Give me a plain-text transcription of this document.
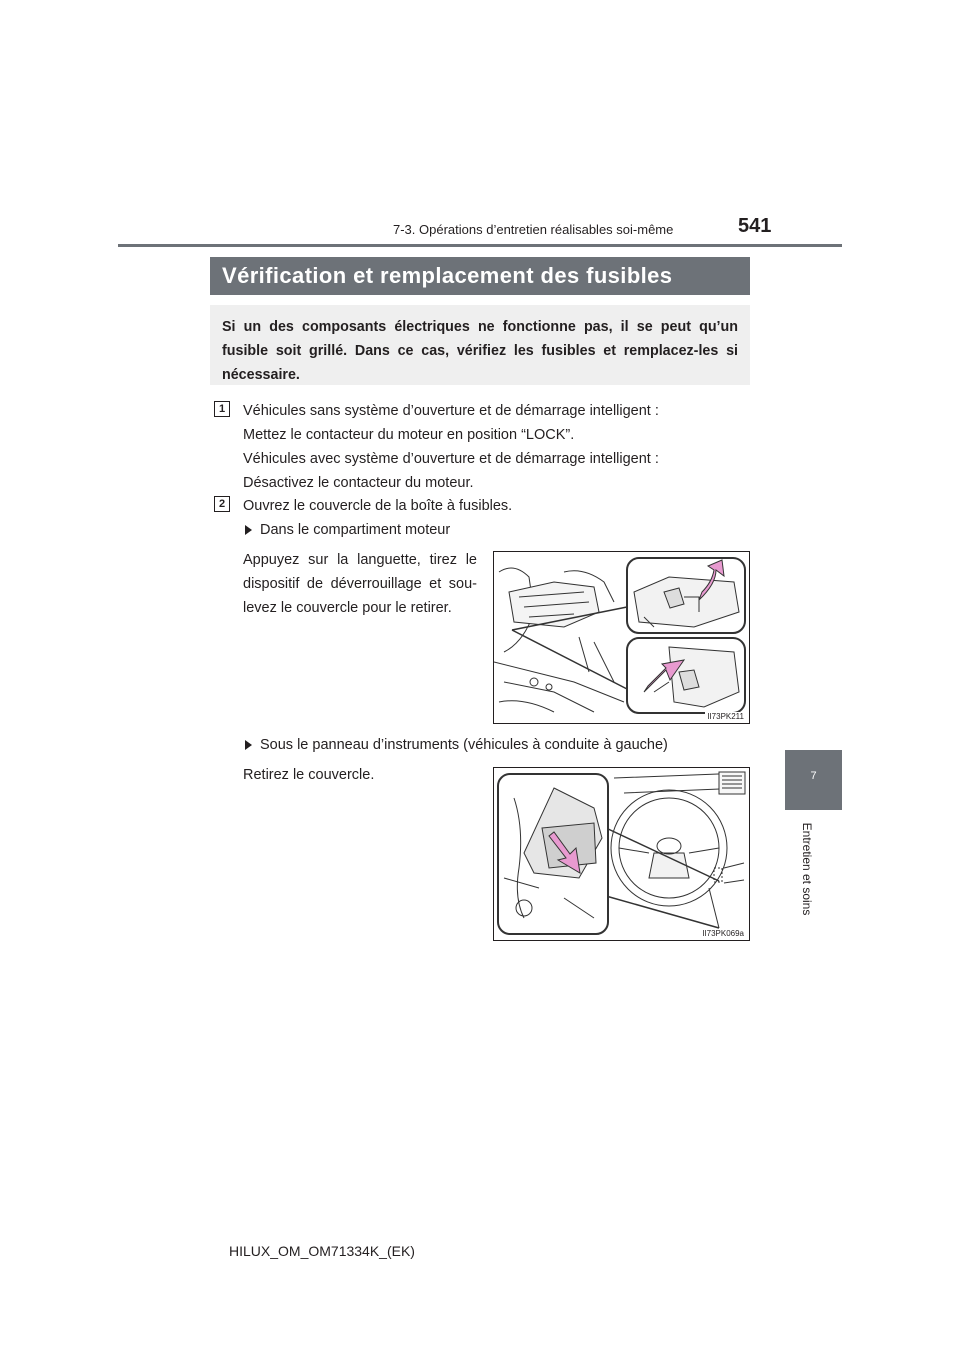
7-3. Opérations d’entretien réalisables soi-même	541
7
Entretien et soins
Vérification et remplacement des fusibles
Si un des composants électriques ne fonctionne pas, il se peut qu’un fusible soit grillé. Dans ce cas, vérifiez les fusibles et remplacez-les si nécessaire.
1	Véhicules sans système d’ouverture et de démarrage intelligent :
Mettez le contacteur du moteur en position “LOCK”.
Véhicules avec système d’ouverture et de démarrage intelligent :
Désactivez le contacteur du moteur.
2	Ouvrez le couvercle de la boîte à fusibles.
Dans le compartiment moteur
Appuyez sur la languette, tirez le dispositif de déverrouillage et sou-levez le couvercle pour le retirer.
II73PK211
Sous le panneau d’instruments (véhicules à conduite à gauche)
Retirez le couvercle.
II73PK069a
HILUX_OM_OM71334K_(EK)
